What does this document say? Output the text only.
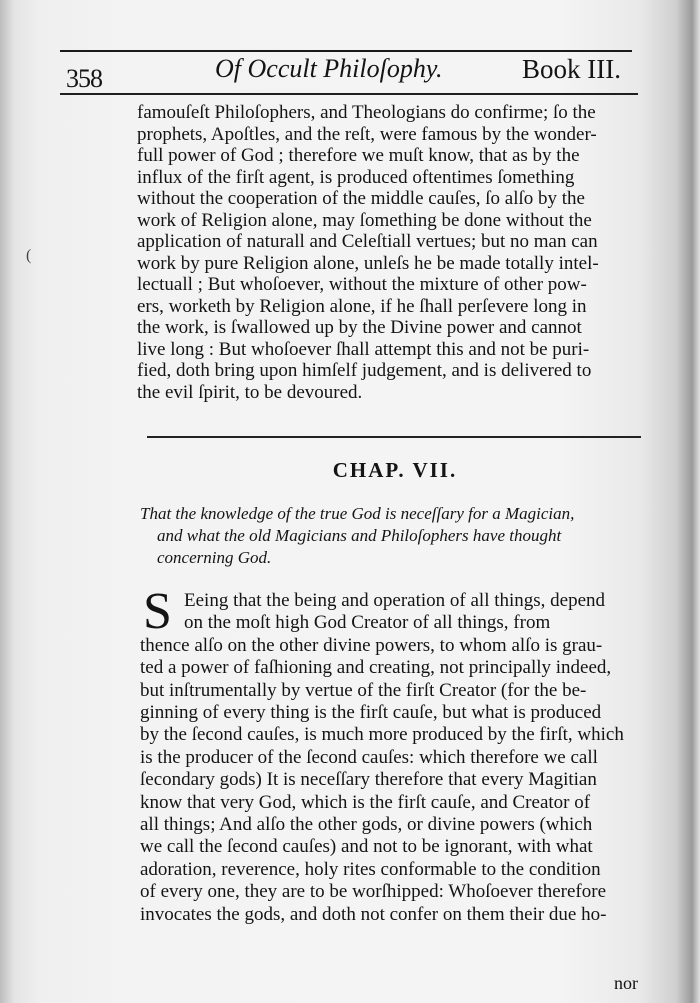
358	Of Occult Philoſophy.	Book III.
(
famouſeſt Philoſophers, and Theologians do confirme; ſo the
prophets, Apoſtles, and the reſt, were famous by the wonder-
full power of God ; therefore we muſt know, that as by the
influx of the firſt agent, is produced oftentimes ſomething
without the cooperation of the middle cauſes, ſo alſo by the
work of Religion alone, may ſomething be done without the
application of naturall and Celeſtiall vertues; but no man can
work by pure Religion alone, unleſs he be made totally intel-
lectuall ; But whoſoever, without the mixture of other pow-
ers, worketh by Religion alone, if he ſhall perſevere long in
the work, is ſwallowed up by the Divine power and cannot
live long : But whoſoever ſhall attempt this and not be puri-
fied, doth bring upon himſelf judgement, and is delivered to
the evil ſpirit, to be devoured.
CHAP. VII.
That the knowledge of the true God is neceſſary for a Magician,
and what the old Magicians and Philoſophers have thought
concerning God.
S Eeing that the being and operation of all things, depend
on the moſt high God Creator of all things, from
thence alſo on the other divine powers, to whom alſo is grau-
ted a power of faſhioning and creating, not principally indeed,
but inſtrumentally by vertue of the firſt Creator (for the be-
ginning of every thing is the firſt cauſe, but what is produced
by the ſecond cauſes, is much more produced by the firſt, which
is the producer of the ſecond cauſes: which therefore we call
ſecondary gods) It is neceſſary therefore that every Magitian
know that very God, which is the firſt cauſe, and Creator of
all things; And alſo the other gods, or divine powers (which
we call the ſecond cauſes) and not to be ignorant, with what
adoration, reverence, holy rites conformable to the condition
of every one, they are to be worſhipped: Whoſoever therefore
invocates the gods, and doth not confer on them their due ho-
nor
